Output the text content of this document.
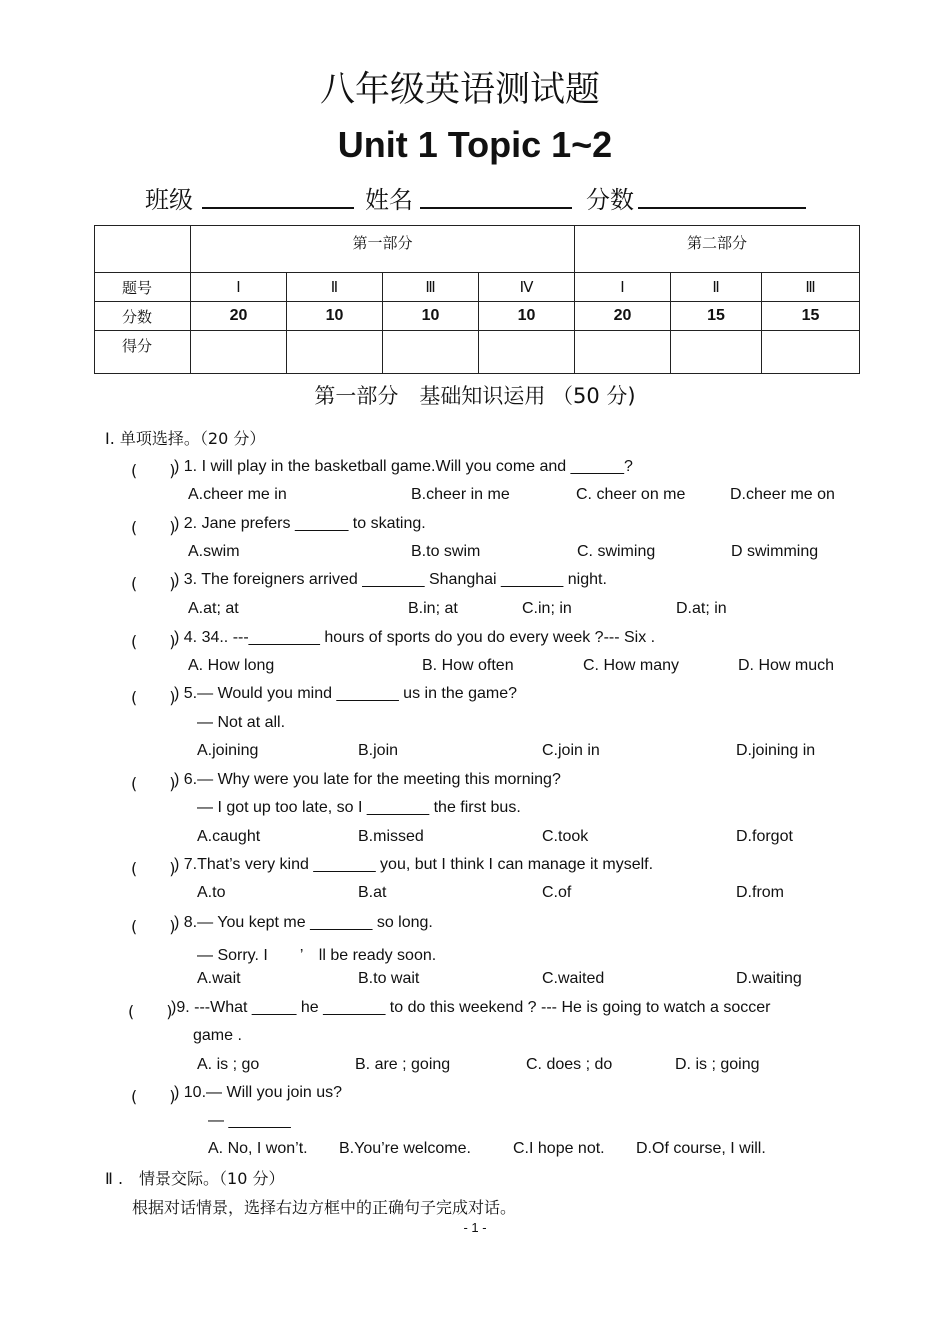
八年级英语测试题
Unit 1 Topic 1~2
班级	姓名	分数
	第一部分				第二部分		
题号	Ⅰ	Ⅱ	Ⅲ	Ⅳ	Ⅰ	Ⅱ	Ⅲ
分数	20	10	10	10	20	15	15
得分							
第一部分　基础知识运用 （50 分)
Ⅰ. 单项选择。（20 分）
(　　)
) 1. I will play in the basketball game.Will you come and ______?
A.cheer me in	B.cheer in me	C. cheer on me	D.cheer me on
(　　)
) 2. Jane prefers ______ to skating.
A.swim	B.to swim	C. swiming	D swimming
(　　)
) 3. The foreigners arrived _______ Shanghai _______ night.
A.at; at	B.in; at	C.in; in	D.at; in
(　　)
) 4. 34.. ---________ hours of sports do you do every week ?--- Six .
A. How long	B. How often	C. How many	D. How much
(　　)
) 5.— Would you mind _______ us in the game?
— Not at all.
A.joining	B.join	C.join in	D.joining in
(　　)
) 6.— Why were you late for the meeting this morning?
— I got up too late, so I _______ the first bus.
A.caught	B.missed	C.took	D.forgot
(　　)
) 7.That’s very kind _______ you, but I think I can manage it myself.
A.to	B.at	C.of	D.from
(　　)
) 8.— You kept me _______ so long.
— Sorry. I　　’　ll be ready soon.
A.wait	B.to wait	C.waited	D.waiting
(　　)
)9. ---What _____ he _______ to do this weekend ? --- He is going to watch a soccer
game .
A. is ; go	B. are ; going	C. does ; do	D. is ; going
(　　)
) 10.— Will you join us?
— _______
A. No, I won’t. B.You’re welcome.	C.I hope not. D.Of course, I will.
Ⅱ .　情景交际。（10 分）
根据对话情景，选择右边方框中的正确句子完成对话。
- 1 -
